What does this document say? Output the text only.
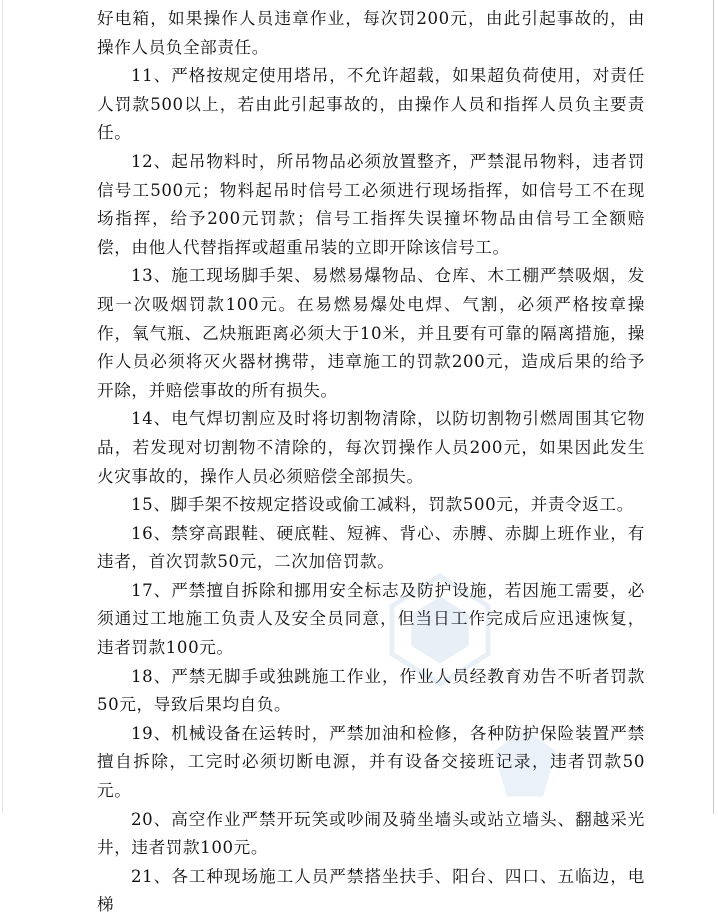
好电箱，如果操作人员违章作业，每次罚200元，由此引起事故的，由操作人员负全部责任。

11、严格按规定使用塔吊，不允许超载，如果超负荷使用，对责任人罚款500以上，若由此引起事故的，由操作人员和指挥人员负主要责任。

12、起吊物料时，所吊物品必须放置整齐，严禁混吊物料，违者罚信号工500元；物料起吊时信号工必须进行现场指挥，如信号工不在现场指挥，给予200元罚款；信号工指挥失误撞坏物品由信号工全额赔偿，由他人代替指挥或超重吊装的立即开除该信号工。

13、施工现场脚手架、易燃易爆物品、仓库、木工棚严禁吸烟，发现一次吸烟罚款100元。在易燃易爆处电焊、气割，必须严格按章操作，氧气瓶、乙炔瓶距离必须大于10米，并且要有可靠的隔离措施，操作人员必须将灭火器材携带，违章施工的罚款200元，造成后果的给予开除，并赔偿事故的所有损失。

14、电气焊切割应及时将切割物清除，以防切割物引燃周围其它物品，若发现对切割物不清除的，每次罚操作人员200元，如果因此发生火灾事故的，操作人员必须赔偿全部损失。

15、脚手架不按规定搭设或偷工减料，罚款500元，并责令返工。

16、禁穿高跟鞋、硬底鞋、短裤、背心、赤膊、赤脚上班作业，有违者，首次罚款50元，二次加倍罚款。

17、严禁擅自拆除和挪用安全标志及防护设施，若因施工需要，必须通过工地施工负责人及安全员同意，但当日工作完成后应迅速恢复，违者罚款100元。

18、严禁无脚手或独跳施工作业，作业人员经教育劝告不听者罚款50元，导致后果均自负。

19、机械设备在运转时，严禁加油和检修，各种防护保险装置严禁擅自拆除，工完时必须切断电源，并有设备交接班记录，违者罚款50元。

20、高空作业严禁开玩笑或吵闹及骑坐墙头或站立墙头、翻越采光井，违者罚款100元。

21、各工种现场施工人员严禁搭坐扶手、阳台、四口、五临边，电梯
